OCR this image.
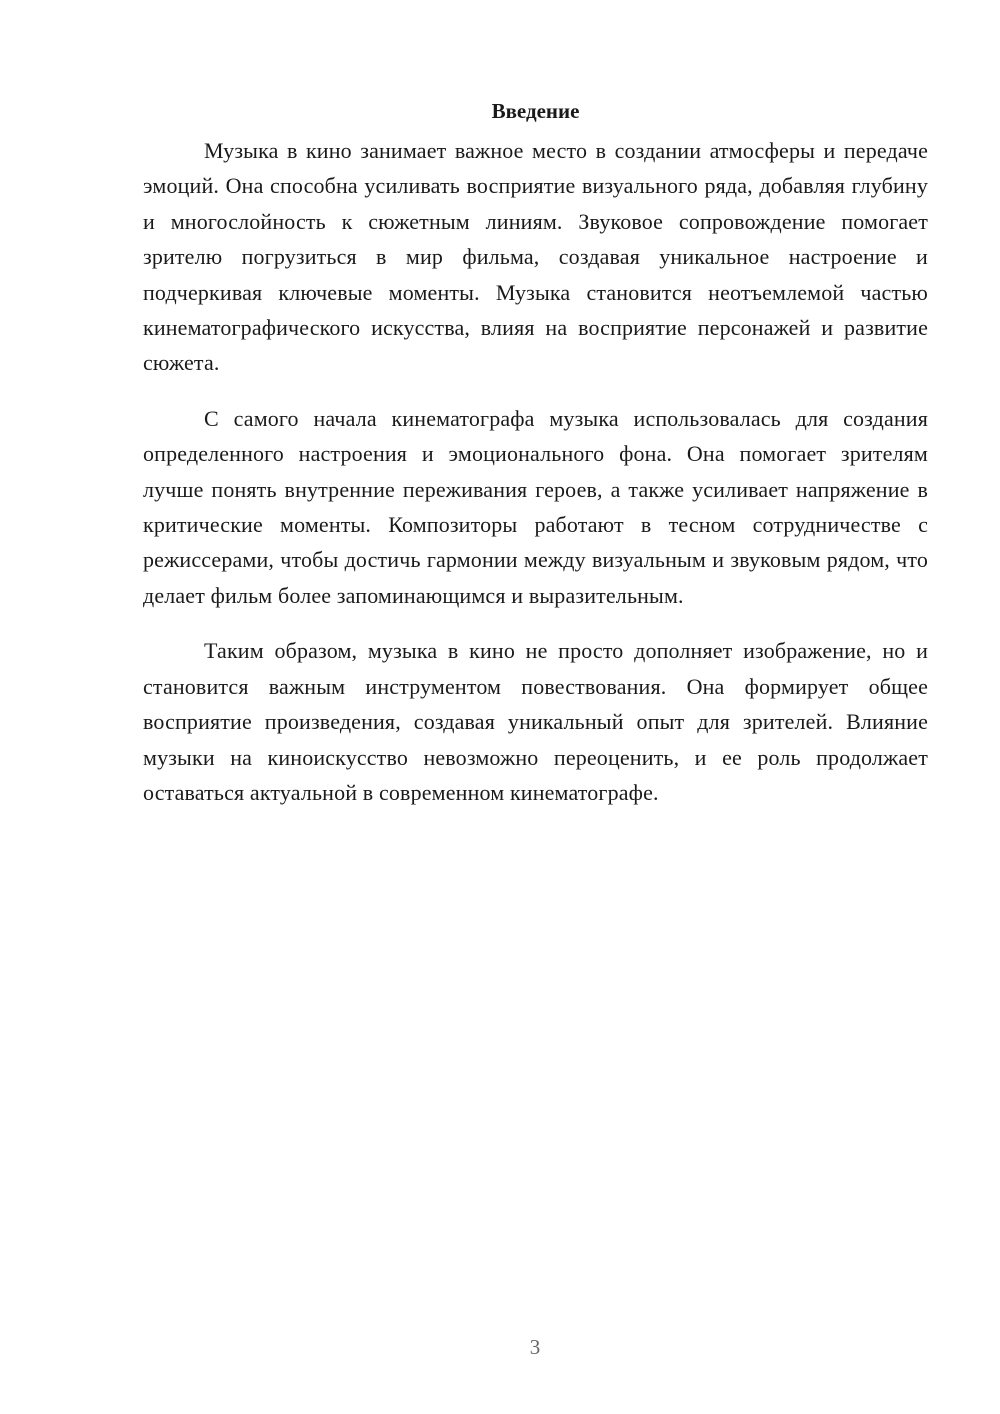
Введение

Музыка в кино занимает важное место в создании атмосферы и передаче эмоций. Она способна усиливать восприятие визуального ряда, добавляя глубину и многослойность к сюжетным линиям. Звуковое сопровождение помогает зрителю погрузиться в мир фильма, создавая уникальное настроение и подчеркивая ключевые моменты. Музыка становится неотъемлемой частью кинематографического искусства, влияя на восприятие персонажей и развитие сюжета.

С самого начала кинематографа музыка использовалась для создания определенного настроения и эмоционального фона. Она помогает зрителям лучше понять внутренние переживания героев, а также усиливает напряжение в критические моменты. Композиторы работают в тесном сотрудничестве с режиссерами, чтобы достичь гармонии между визуальным и звуковым рядом, что делает фильм более запоминающимся и выразительным.

Таким образом, музыка в кино не просто дополняет изображение, но и становится важным инструментом повествования. Она формирует общее восприятие произведения, создавая уникальный опыт для зрителей. Влияние музыки на киноискусство невозможно переоценить, и ее роль продолжает оставаться актуальной в современном кинематографе.

3
